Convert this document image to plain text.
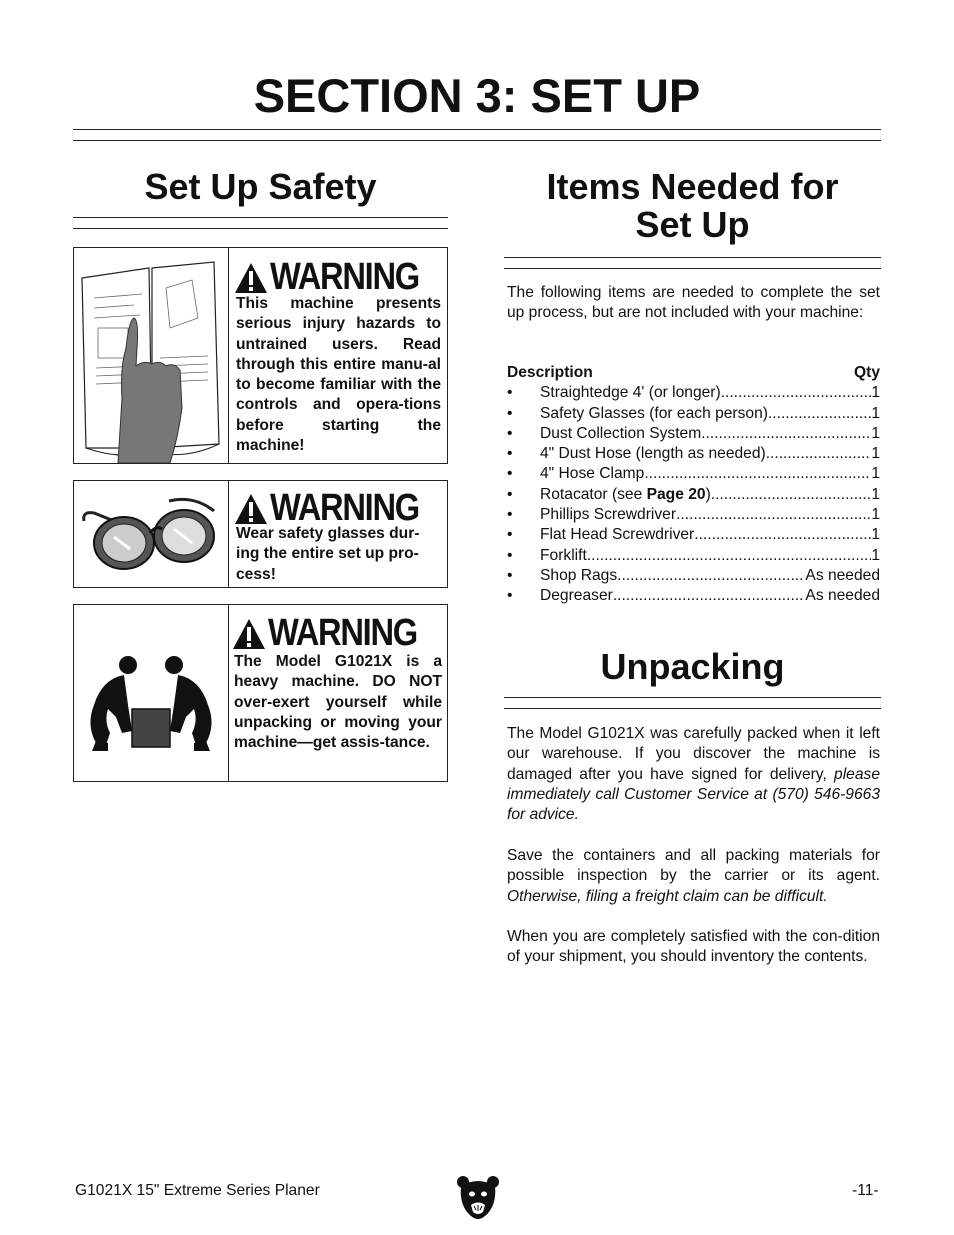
SECTION 3: SET UP
Set Up Safety
WARNING
This machine presents serious injury hazards to untrained users. Read through this entire manu-al to become familiar with the controls and opera-tions before starting the machine!
WARNING
Wear safety glasses dur-ing the entire set up pro-cess!
WARNING
The Model G1021X is a heavy machine. DO NOT over-exert yourself while unpacking or moving your machine—get assis-tance.
Items Needed for
Set Up

The following items are needed to complete the set up process, but are not included with your machine:

Description	Qty
•	Straightedge 4' (or longer) .....	1
•	Safety Glasses (for each person) .....	1
•	Dust Collection System .....	1
•	4" Dust Hose (length as needed) .....	1
•	4" Hose Clamp .....	1
•	Rotacator (see Page 20) .....	1
•	Phillips Screwdriver .....	1
•	Flat Head Screwdriver .....	1
•	Forklift .....	1
•	Shop Rags .....	As needed
•	Degreaser .....	As needed
Unpacking

The Model G1021X was carefully packed when it left our warehouse. If you discover the machine is damaged after you have signed for delivery, please immediately call Customer Service at (570) 546-9663 for advice.

Save the containers and all packing materials for possible inspection by the carrier or its agent. Otherwise, filing a freight claim can be difficult.

When you are completely satisfied with the con-dition of your shipment, you should inventory the contents.

G1021X 15" Extreme Series Planer	-11-
